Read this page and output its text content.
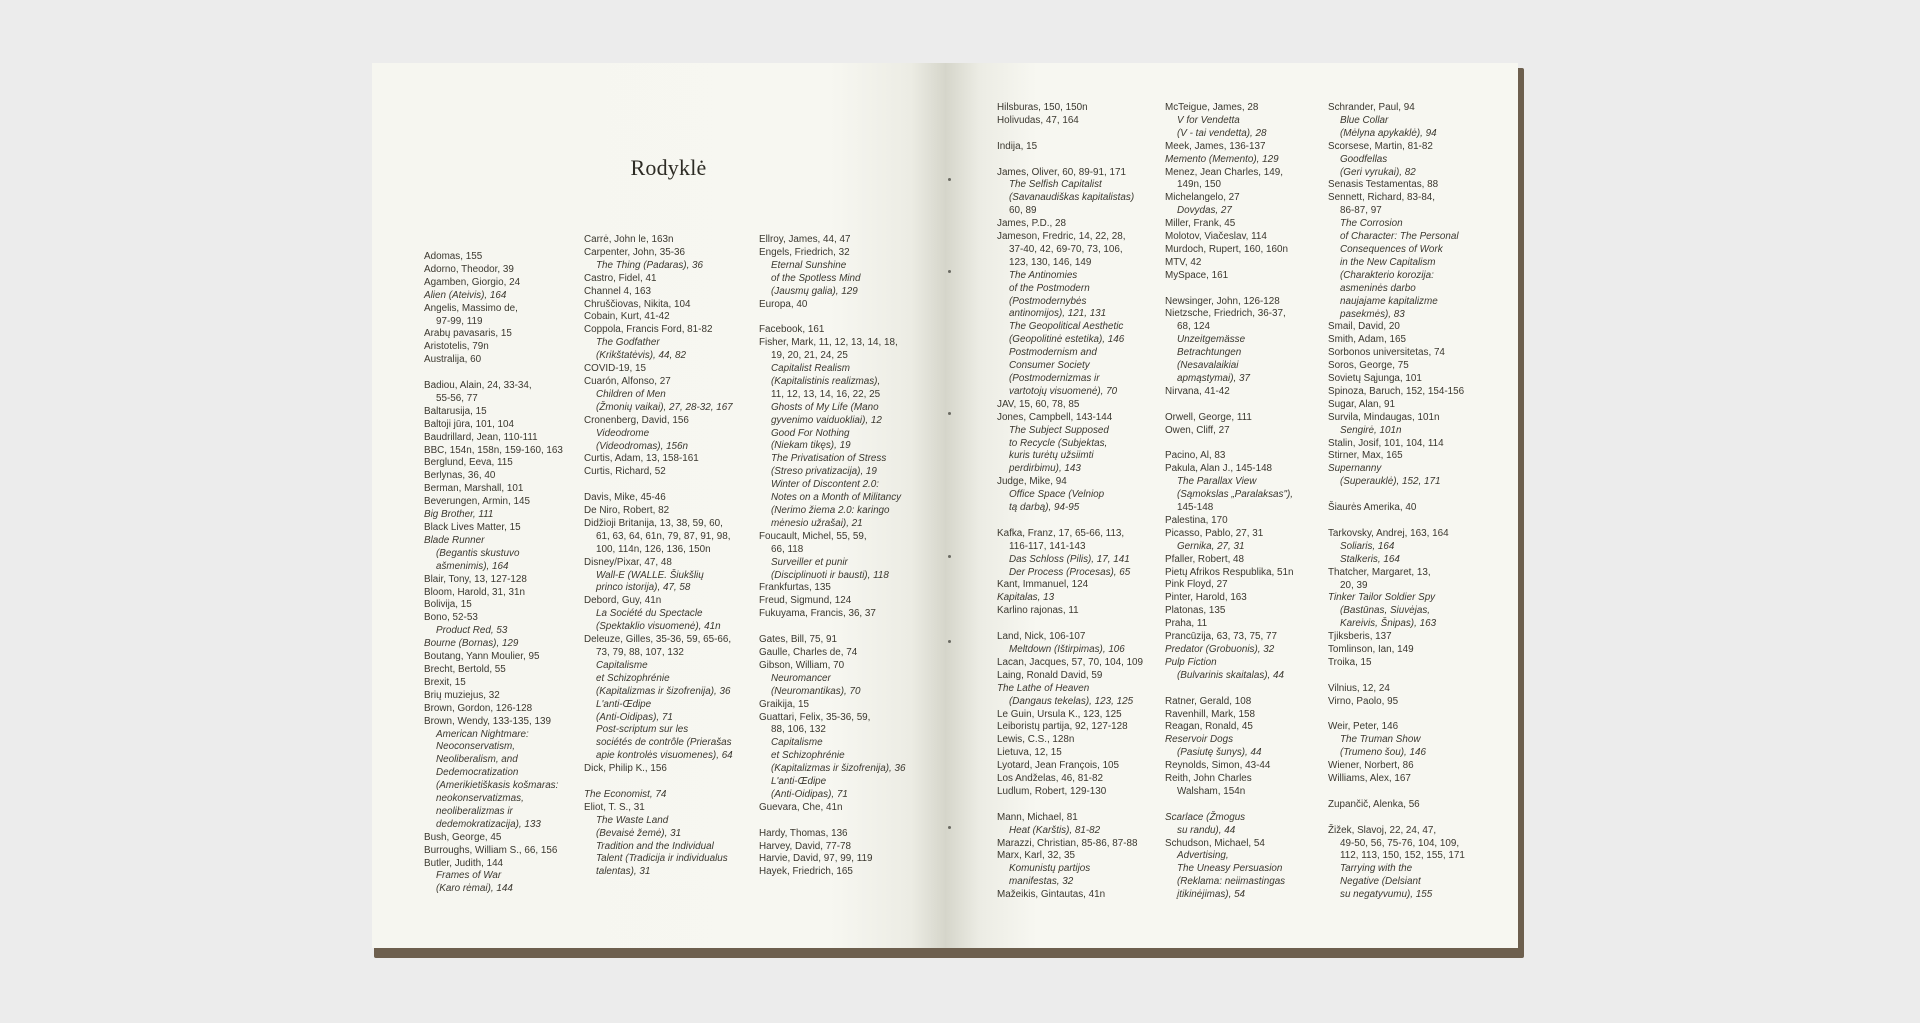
Rodyklė
Adomas, 155
Adorno, Theodor, 39
Agamben, Giorgio, 24
Alien (Ateivis), 164
Angelis, Massimo de,
97-99, 119
Arabų pavasaris, 15
Aristotelis, 79n
Australija, 60
Badiou, Alain, 24, 33-34,
55-56, 77
Baltarusija, 15
Baltoji jūra, 101, 104
Baudrillard, Jean, 110-111
BBC, 154n, 158n, 159-160, 163
Berglund, Eeva, 115
Berlynas, 36, 40
Berman, Marshall, 101
Beverungen, Armin, 145
Big Brother, 111
Black Lives Matter, 15
Blade Runner
(Begantis skustuvo
ašmenimis), 164
Blair, Tony, 13, 127-128
Bloom, Harold, 31, 31n
Bolivija, 15
Bono, 52-53
Product Red, 53
Bourne (Bornas), 129
Boutang, Yann Moulier, 95
Brecht, Bertold, 55
Brexit, 15
Brių muziejus, 32
Brown, Gordon, 126-128
Brown, Wendy, 133-135, 139
American Nightmare:
Neoconservatism,
Neoliberalism, and
Dedemocratization
(Amerikietiškasis košmaras:
neokonservatizmas,
neoliberalizmas ir
dedemokratizacija), 133
Bush, George, 45
Burroughs, William S., 66, 156
Butler, Judith, 144
Frames of War
(Karo rėmai), 144
Carrė, John le, 163n
Carpenter, John, 35-36
The Thing (Padaras), 36
Castro, Fidel, 41
Channel 4, 163
Chruščiovas, Nikita, 104
Cobain, Kurt, 41-42
Coppola, Francis Ford, 81-82
The Godfather
(Krikštatėvis), 44, 82
COVID-19, 15
Cuarón, Alfonso, 27
Children of Men
(Žmonių vaikai), 27, 28-32, 167
Cronenberg, David, 156
Videodrome
(Videodromas), 156n
Curtis, Adam, 13, 158-161
Curtis, Richard, 52
Davis, Mike, 45-46
De Niro, Robert, 82
Didžioji Britanija, 13, 38, 59, 60,
61, 63, 64, 61n, 79, 87, 91, 98,
100, 114n, 126, 136, 150n
Disney/Pixar, 47, 48
Wall-E (WALLE. Šiukšlių
princo istorija), 47, 58
Debord, Guy, 41n
La Société du Spectacle
(Spektaklio visuomenė), 41n
Deleuze, Gilles, 35-36, 59, 65-66,
73, 79, 88, 107, 132
Capitalisme
et Schizophrénie
(Kapitalizmas ir šizofrenija), 36
L'anti-Œdipe
(Anti-Oidipas), 71
Post-scriptum sur les
sociétés de contrôle (Prierašas
apie kontrolės visuomenes), 64
Dick, Philip K., 156
The Economist, 74
Eliot, T. S., 31
The Waste Land
(Bevaisė žemė), 31
Tradition and the Individual
Talent (Tradicija ir individualus
talentas), 31
Ellroy, James, 44, 47
Engels, Friedrich, 32
Eternal Sunshine
of the Spotless Mind
(Jausmų galia), 129
Europa, 40
Facebook, 161
Fisher, Mark, 11, 12, 13, 14, 18,
19, 20, 21, 24, 25
Capitalist Realism
(Kapitalistinis realizmas),
11, 12, 13, 14, 16, 22, 25
Ghosts of My Life (Mano
gyvenimo vaiduokliai), 12
Good For Nothing
(Niekam tikęs), 19
The Privatisation of Stress
(Streso privatizacija), 19
Winter of Discontent 2.0:
Notes on a Month of Militancy
(Nerimo žiema 2.0: karingo
mėnesio užrašai), 21
Foucault, Michel, 55, 59,
66, 118
Surveiller et punir
(Disciplinuoti ir bausti), 118
Frankfurtas, 135
Freud, Sigmund, 124
Fukuyama, Francis, 36, 37
Gates, Bill, 75, 91
Gaulle, Charles de, 74
Gibson, William, 70
Neuromancer
(Neuromantikas), 70
Graikija, 15
Guattari, Felix, 35-36, 59,
88, 106, 132
Capitalisme
et Schizophrénie
(Kapitalizmas ir šizofrenija), 36
L'anti-Œdipe
(Anti-Oidipas), 71
Guevara, Che, 41n
Hardy, Thomas, 136
Harvey, David, 77-78
Harvie, David, 97, 99, 119
Hayek, Friedrich, 165
Hilsburas, 150, 150n
Holivudas, 47, 164
Indija, 15
James, Oliver, 60, 89-91, 171
The Selfish Capitalist
(Savanaudiškas kapitalistas)
60, 89
James, P.D., 28
Jameson, Fredric, 14, 22, 28,
37-40, 42, 69-70, 73, 106,
123, 130, 146, 149
The Antinomies
of the Postmodern
(Postmodernybės
antinomijos), 121, 131
The Geopolitical Aesthetic
(Geopolitinė estetika), 146
Postmodernism and
Consumer Society
(Postmodernizmas ir
vartotojų visuomenė), 70
JAV, 15, 60, 78, 85
Jones, Campbell, 143-144
The Subject Supposed
to Recycle (Subjektas,
kuris turėtų užsiimti
perdirbimu), 143
Judge, Mike, 94
Office Space (Velniop
tą darbą), 94-95
Kafka, Franz, 17, 65-66, 113,
116-117, 141-143
Das Schloss (Pilis), 17, 141
Der Process (Procesas), 65
Kant, Immanuel, 124
Kapitalas, 13
Karlino rajonas, 11
Land, Nick, 106-107
Meltdown (Ištirpimas), 106
Lacan, Jacques, 57, 70, 104, 109
Laing, Ronald David, 59
The Lathe of Heaven
(Dangaus tekelas), 123, 125
Le Guin, Ursula K., 123, 125
Leiboristų partija, 92, 127-128
Lewis, C.S., 128n
Lietuva, 12, 15
Lyotard, Jean François, 105
Los Andželas, 46, 81-82
Ludlum, Robert, 129-130
Mann, Michael, 81
Heat (Karštis), 81-82
Marazzi, Christian, 85-86, 87-88
Marx, Karl, 32, 35
Komunistų partijos
manifestas, 32
Mažeikis, Gintautas, 41n
McTeigue, James, 28
V for Vendetta
(V - tai vendetta), 28
Meek, James, 136-137
Memento (Memento), 129
Menez, Jean Charles, 149,
149n, 150
Michelangelo, 27
Dovydas, 27
Miller, Frank, 45
Molotov, Viačeslav, 114
Murdoch, Rupert, 160, 160n
MTV, 42
MySpace, 161
Newsinger, John, 126-128
Nietzsche, Friedrich, 36-37,
68, 124
Unzeitgemässe
Betrachtungen
(Nesavalaikiai
apmąstymai), 37
Nirvana, 41-42
Orwell, George, 111
Owen, Cliff, 27
Pacino, Al, 83
Pakula, Alan J., 145-148
The Parallax View
(Sąmokslas „Paralaksas"),
145-148
Palestina, 170
Picasso, Pablo, 27, 31
Gernika, 27, 31
Pfaller, Robert, 48
Pietų Afrikos Respublika, 51n
Pink Floyd, 27
Pinter, Harold, 163
Platonas, 135
Praha, 11
Prancūzija, 63, 73, 75, 77
Predator (Grobuonis), 32
Pulp Fiction
(Bulvarinis skaitalas), 44
Ratner, Gerald, 108
Ravenhill, Mark, 158
Reagan, Ronald, 45
Reservoir Dogs
(Pasiutę šunys), 44
Reynolds, Simon, 43-44
Reith, John Charles
Walsham, 154n
Scarlace (Žmogus
su randu), 44
Schudson, Michael, 54
Advertising,
The Uneasy Persuasion
(Reklama: neiimastingas
įtikinėjimas), 54
Schrander, Paul, 94
Blue Collar
(Mėlyna apykaklė), 94
Scorsese, Martin, 81-82
Goodfellas
(Geri vyrukai), 82
Senasis Testamentas, 88
Sennett, Richard, 83-84,
86-87, 97
The Corrosion
of Character: The Personal
Consequences of Work
in the New Capitalism
(Charakterio korozija:
asmeninės darbo
naujajame kapitalizme
pasekmės), 83
Smail, David, 20
Smith, Adam, 165
Sorbonos universitetas, 74
Soros, George, 75
Sovietų Sąjunga, 101
Spinoza, Baruch, 152, 154-156
Sugar, Alan, 91
Survila, Mindaugas, 101n
Sengirė, 101n
Stalin, Josif, 101, 104, 114
Stirner, Max, 165
Supernanny
(Superauklė), 152, 171
Šiaurės Amerika, 40
Tarkovsky, Andrej, 163, 164
Soliaris, 164
Stalkeris, 164
Thatcher, Margaret, 13,
20, 39
Tinker Tailor Soldier Spy
(Bastūnas, Siuvėjas,
Kareivis, Šnipas), 163
Tjiksberis, 137
Tomlinson, Ian, 149
Troika, 15
Vilnius, 12, 24
Virno, Paolo, 95
Weir, Peter, 146
The Truman Show
(Trumeno šou), 146
Wiener, Norbert, 86
Williams, Alex, 167
Zupančič, Alenka, 56
Žižek, Slavoj, 22, 24, 47,
49-50, 56, 75-76, 104, 109,
112, 113, 150, 152, 155, 171
Tarrying with the
Negative (Delsiant
su negatyvumu), 155
